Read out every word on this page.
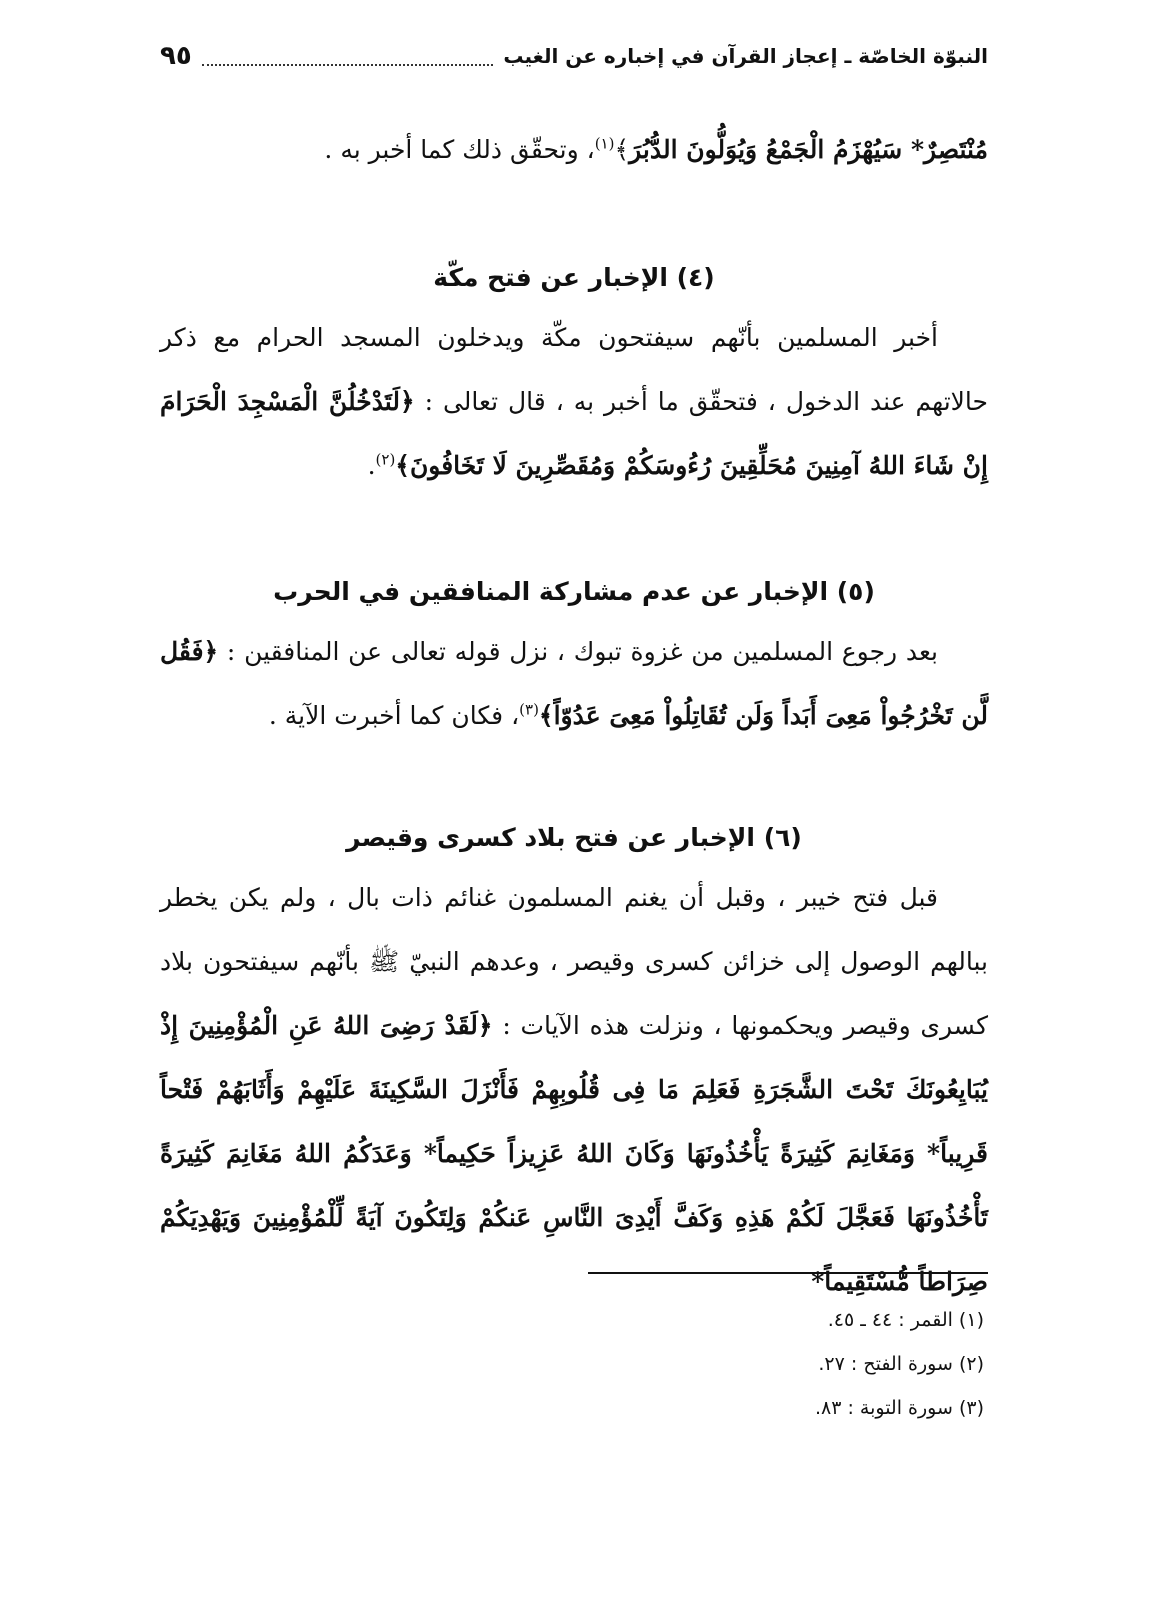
النبوّة الخاصّة ـ إعجاز القرآن في إخباره عن الغيب
٩٥

مُنْتَصِرٌ* سَيُهْزَمُ الْجَمْعُ وَيُوَلُّونَ الدُّبُرَ﴾$^{(١)}$، وتحقّق ذلك كما أخبر به .

(٤) الإخبار عن فتح مكّة

أخبر المسلمين بأنّهم سيفتحون مكّة ويدخلون المسجد الحرام مع ذكر حالاتهم عند الدخول ، فتحقّق ما أخبر به ، قال تعالى : ﴿لَتَدْخُلُنَّ الْمَسْجِدَ الْحَرَامَ إِنْ شَاءَ اللهُ آمِنِينَ مُحَلِّقِينَ رُءُوسَكُمْ وَمُقَصِّرِينَ لَا تَخَافُونَ﴾$^{(٢)}$.

(٥) الإخبار عن عدم مشاركة المنافقين في الحرب

بعد رجوع المسلمين من غزوة تبوك ، نزل قوله تعالى عن المنافقين : ﴿فَقُل لَّن تَخْرُجُواْ مَعِىَ أَبَداً وَلَن تُقَاتِلُواْ مَعِىَ عَدُوّاً﴾$^{(٣)}$، فكان كما أخبرت الآية .

(٦) الإخبار عن فتح بلاد كسرى وقيصر

قبل فتح خيبر ، وقبل أن يغنم المسلمون غنائم ذات بال ، ولم يكن يخطر ببالهم الوصول إلى خزائن كسرى وقيصر ، وعدهم النبيّ ﷺ بأنّهم سيفتحون بلاد كسرى وقيصر ويحكمونها ، ونزلت هذه الآيات : ﴿لَقَدْ رَضِىَ اللهُ عَنِ الْمُؤْمِنِينَ إِذْ يُبَايِعُونَكَ تَحْتَ الشَّجَرَةِ فَعَلِمَ مَا فِى قُلُوبِهِمْ فَأَنْزَلَ السَّكِينَةَ عَلَيْهِمْ وَأَثَابَهُمْ فَتْحاً قَرِيباً* وَمَغَانِمَ كَثِيرَةً يَأْخُذُونَهَا وَكَانَ اللهُ عَزِيزاً حَكِيماً* وَعَدَكُمُ اللهُ مَغَانِمَ كَثِيرَةً تَأْخُذُونَهَا فَعَجَّلَ لَكُمْ هَذِهِ وَكَفَّ أَيْدِىَ النَّاسِ عَنكُمْ وَلِتَكُونَ آيَةً لِّلْمُؤْمِنِينَ وَيَهْدِيَكُمْ صِرَاطاً مُّسْتَقِيماً*

(١) القمر : ٤٤ ـ ٤٥.
(٢) سورة الفتح : ٢٧.
(٣) سورة التوبة : ٨٣.
